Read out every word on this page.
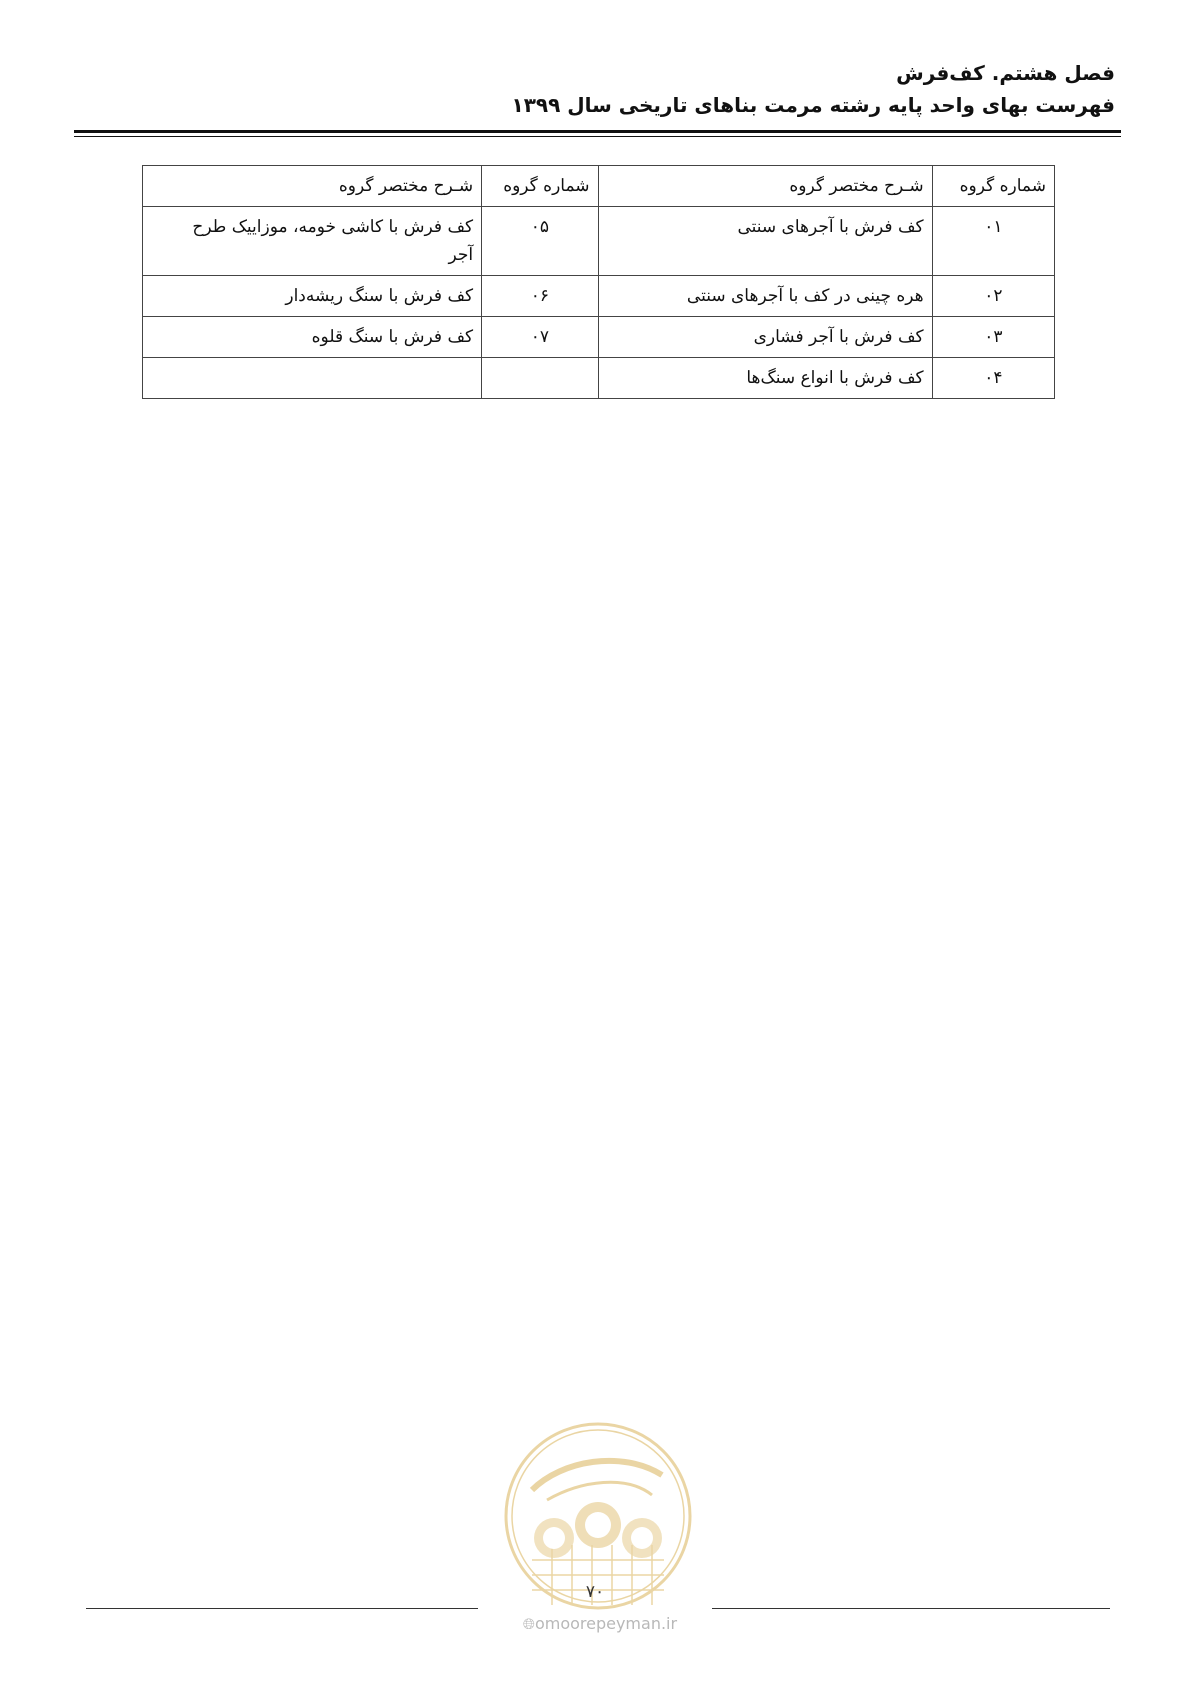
فصل هشتم. کف‌فرش
فهرست بهای واحد پایه رشته مرمت بناهای تاریخی سال ۱۳۹۹
شماره گروه	شـرح مختصر گروه	شماره گروه	شـرح مختصر گروه
۰۱	کف فرش با آجرهای سنتی	۰۵	کف فرش با کاشی خومه، موزاییک طرح
آجر

۰۲	هره چینی در کف با آجرهای سنتی	۰۶	کف فرش با سنگ ریشه‌دار
۰۳	کف فرش با آجر فشاری	۰۷	کف فرش با سنگ قلوه
۰۴	کف فرش با انواع سنگ‌ها		
۷۰
🌐︎omoorepeyman.ir
